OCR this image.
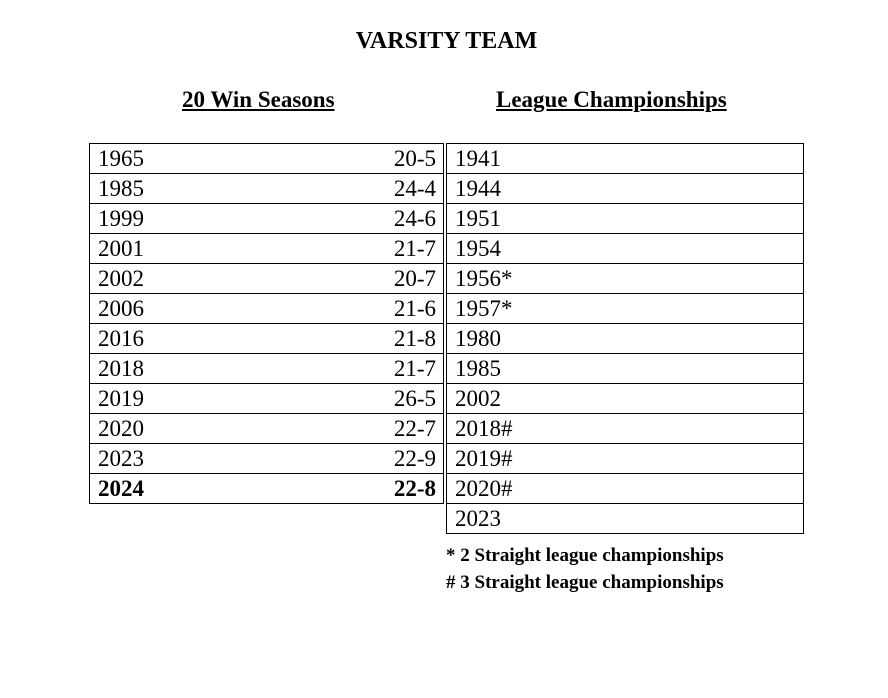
VARSITY TEAM
20 Win Seasons	League Championships
1965	20-5
1985	24-4
1999	24-6
2001	21-7
2002	20-7
2006	21-6
2016	21-8
2018	21-7
2019	26-5
2020	22-7
2023	22-9
2024	22-8
1941
1944
1951
1954
1956*
1957*
1980
1985
2002
2018#
2019#
2020#
2023
* 2 Straight league championships
# 3 Straight league championships
